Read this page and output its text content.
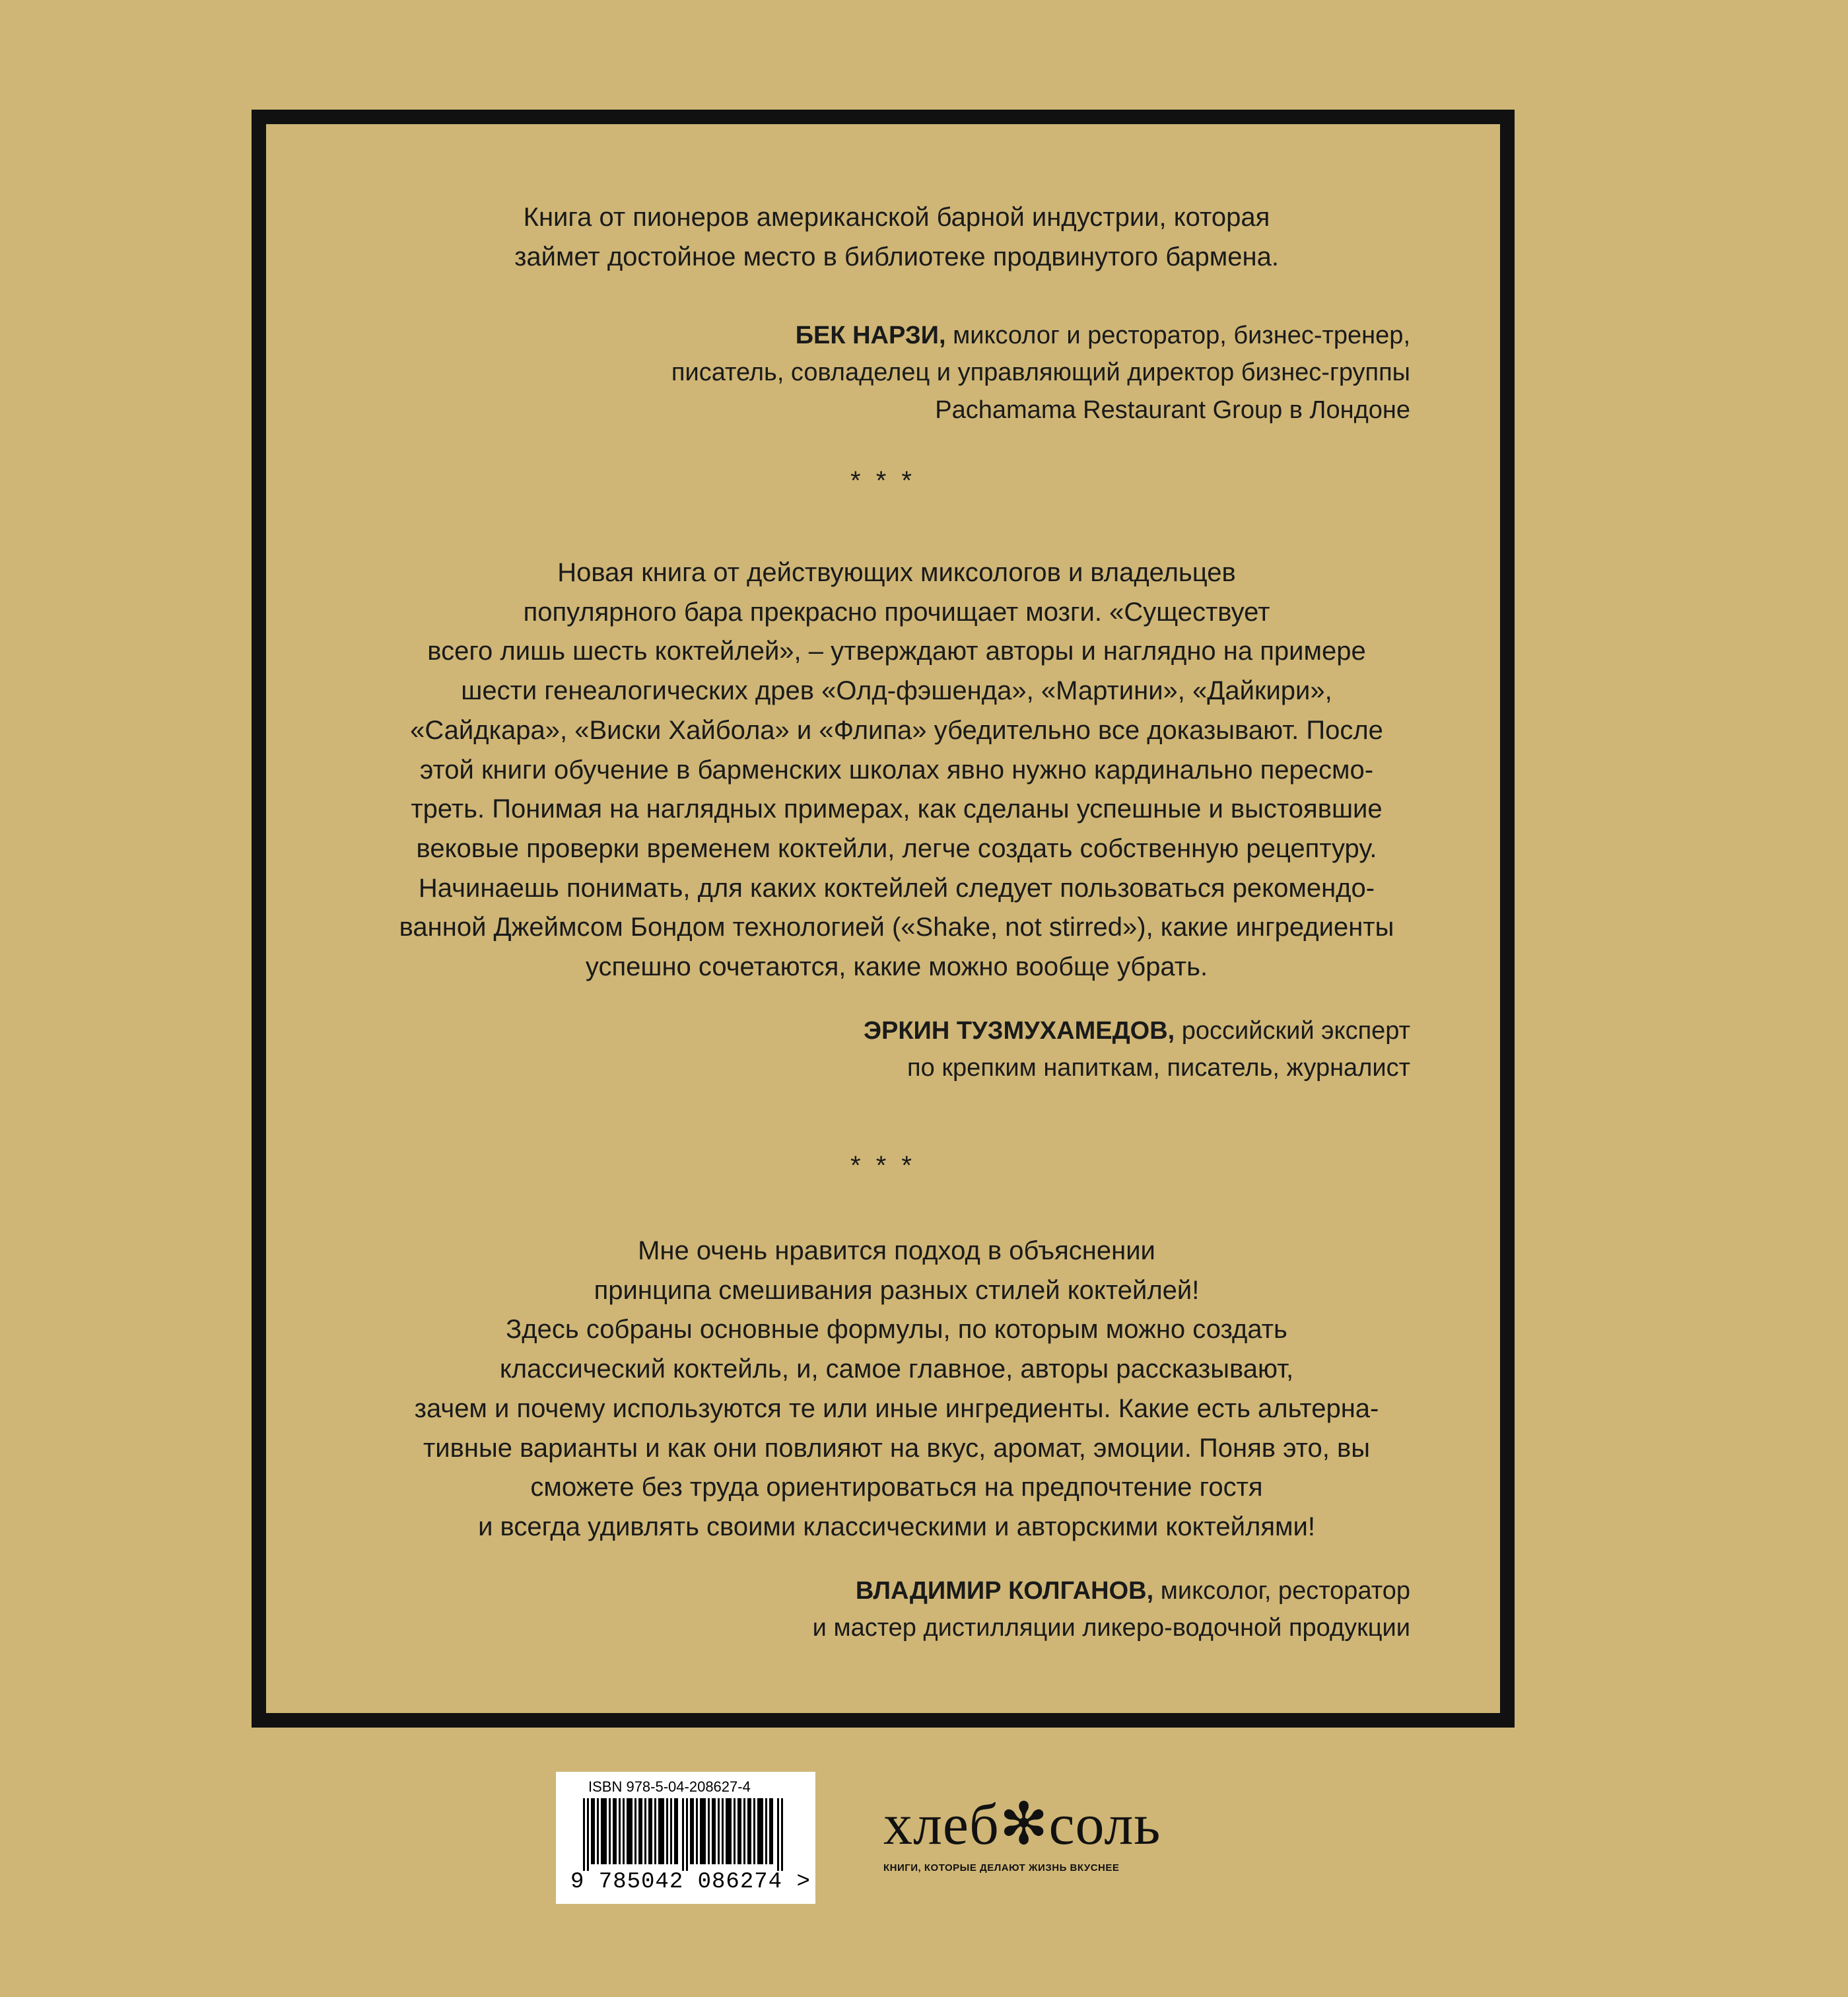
Книга от пионеров американской барной индустрии, которая
займет достойное место в библиотеке продвинутого бармена.
БЕК НАРЗИ, миксолог и ресторатор, бизнес-тренер,
писатель, совладелец и управляющий директор бизнес-группы
Pachamama Restaurant Group в Лондоне
* * *
Новая книга от действующих миксологов и владельцев
популярного бара прекрасно прочищает мозги. «Существует
всего лишь шесть коктейлей», – утверждают авторы и наглядно на примере
шести генеалогических древ «Олд-фэшенда», «Мартини», «Дайкири»,
«Сайдкара», «Виски Хайбола» и «Флипа» убедительно все доказывают. После
этой книги обучение в барменских школах явно нужно кардинально пересмо-
треть. Понимая на наглядных примерах, как сделаны успешные и выстоявшие
вековые проверки временем коктейли, легче создать собственную рецептуру.
Начинаешь понимать, для каких коктейлей следует пользоваться рекомендо-
ванной Джеймсом Бондом технологией («Shake, not stirred»), какие ингредиенты
успешно сочетаются, какие можно вообще убрать.
ЭРКИН ТУЗМУХАМЕДОВ, российский эксперт
по крепким напиткам, писатель, журналист
* * *
Мне очень нравится подход в объяснении
принципа смешивания разных стилей коктейлей!
Здесь собраны основные формулы, по которым можно создать
классический коктейль, и, самое главное, авторы рассказывают,
зачем и почему используются те или иные ингредиенты. Какие есть альтерна-
тивные варианты и как они повлияют на вкус, аромат, эмоции. Поняв это, вы
сможете без труда ориентироваться на предпочтение гостя
и всегда удивлять своими классическими и авторскими коктейлями!
ВЛАДИМИР КОЛГАНОВ, миксолог, ресторатор
и мастер дистилляции ликеро-водочной продукции
ISBN 978-5-04-208627-4
9 785042 086274 >
хлеб✻соль
КНИГИ, КОТОРЫЕ ДЕЛАЮТ ЖИЗНЬ ВКУСНЕЕ
